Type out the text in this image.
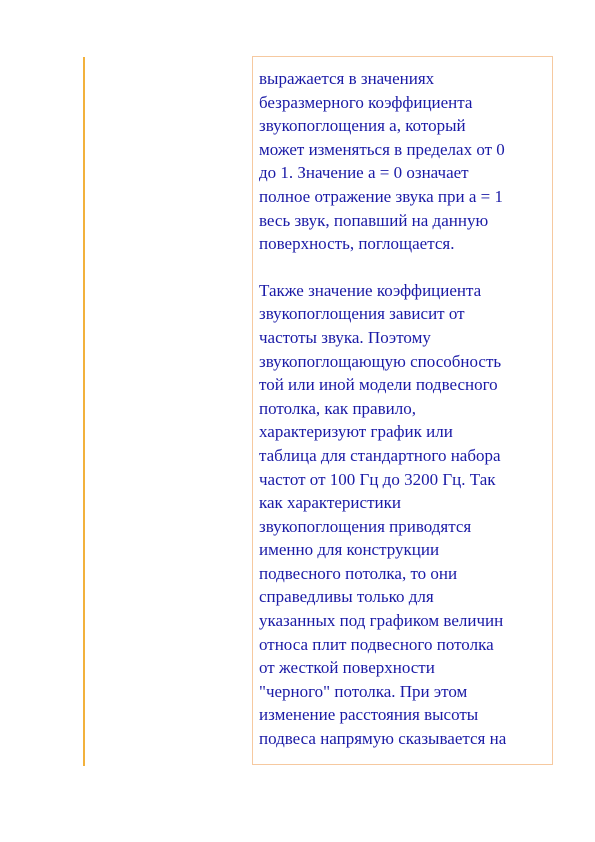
выражается в значениях
безразмерного коэффициента
звукопоглощения a, который
может изменяться в пределах от 0
до 1. Значение a = 0 означает
полное отражение звука при a = 1
весь звук, попавший на данную
поверхность, поглощается.

Также значение коэффициента
звукопоглощения зависит от
частоты звука. Поэтому
звукопоглощающую способность
той или иной модели подвесного
потолка, как правило,
характеризуют график или
таблица для стандартного набора
частот от 100 Гц до 3200 Гц. Так
как характеристики
звукопоглощения приводятся
именно для конструкции
подвесного потолка, то они
справедливы только для
указанных под графиком величин
относа плит подвесного потолка
от жесткой поверхности
"черного" потолка. При этом
изменение расстояния высоты
подвеса напрямую сказывается на
